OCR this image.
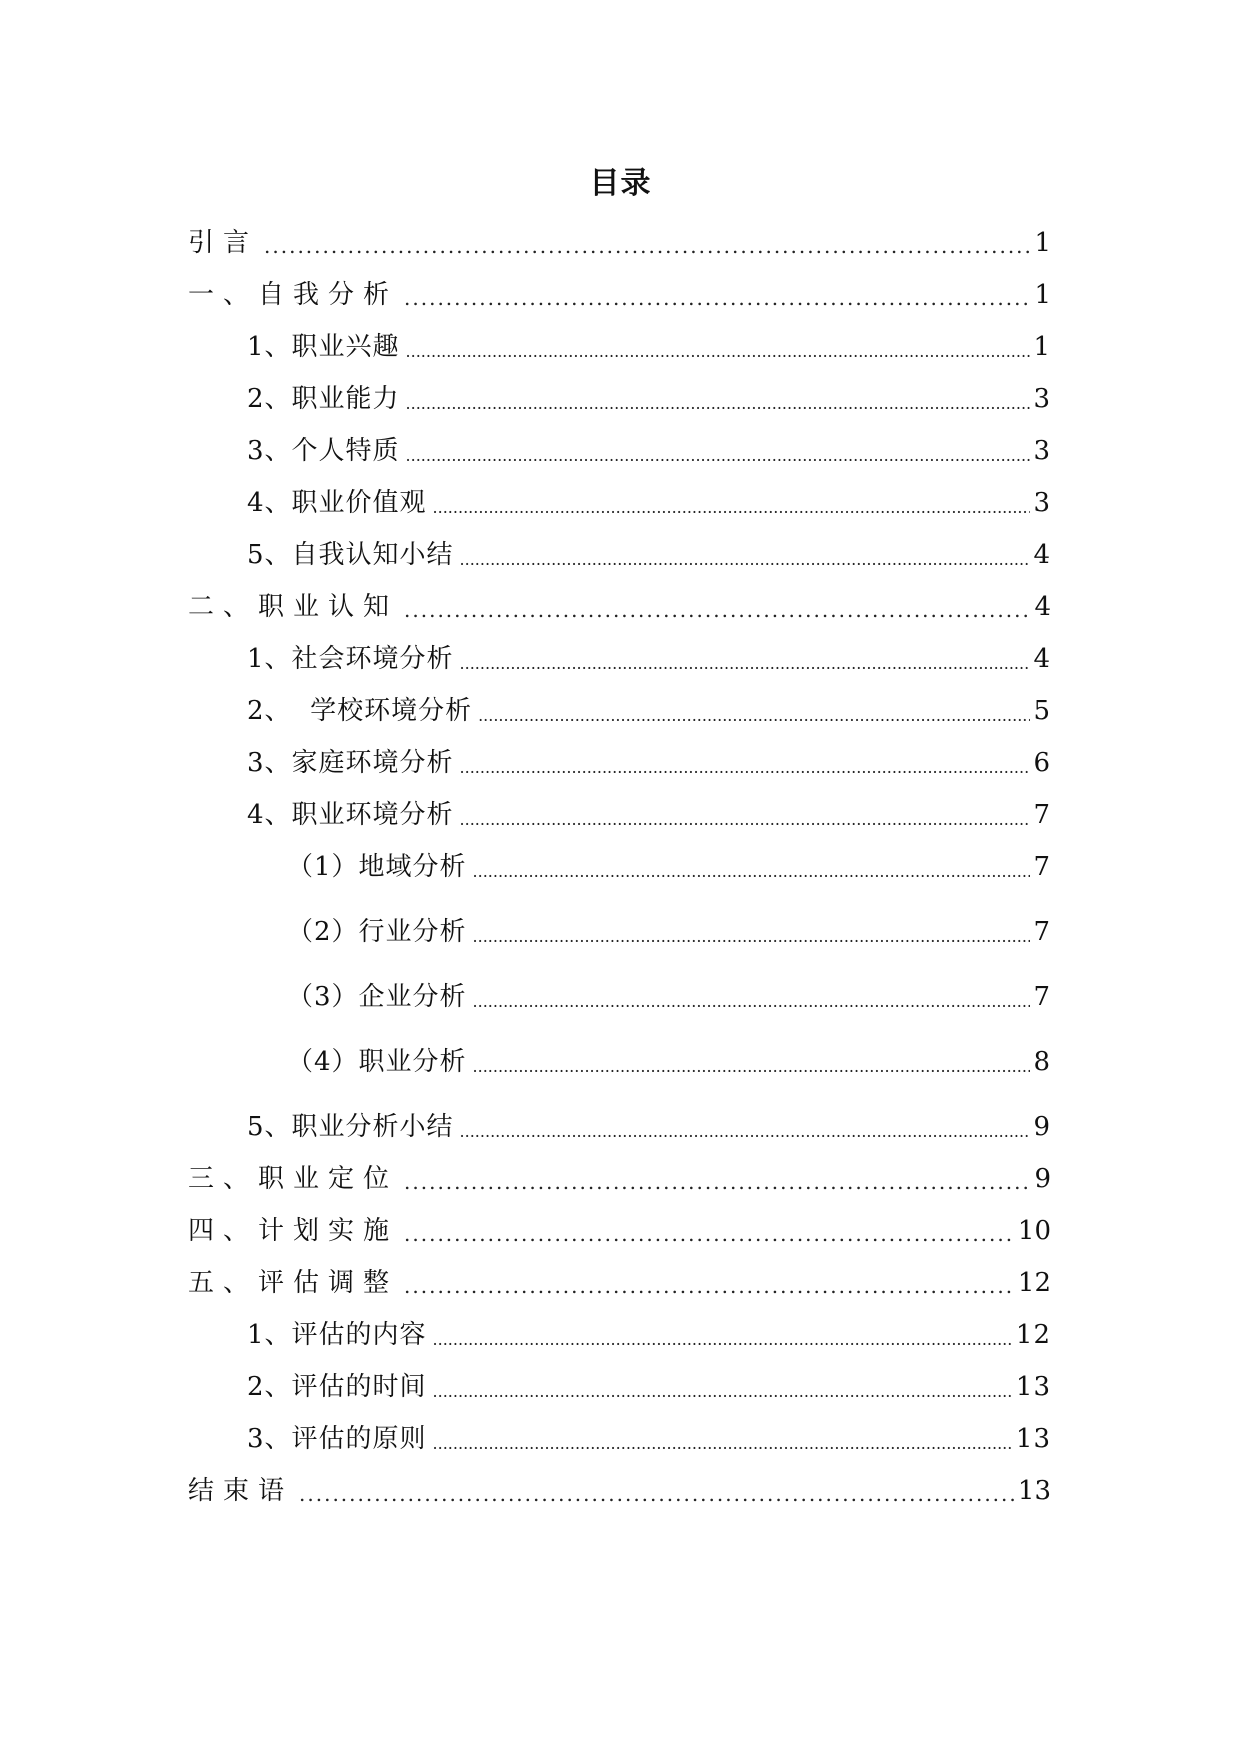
目录
引言 .....	1
一、自我分析 .....	1
1、职业兴趣 .....	1
2、职业能力 .....	3
3、个人特质 .....	3
4、职业价值观 .....	3
5、自我认知小结 .....	4
二、职业认知 .....	4
1、社会环境分析 .....	4
2、  学校环境分析 .....	5
3、家庭环境分析 .....	6
4、职业环境分析 .....	7
（1）地域分析 .....	7
（2）行业分析 .....	7
（3）企业分析 .....	7
（4）职业分析 .....	8
5、职业分析小结 .....	9
三、职业定位 .....	9
四、计划实施 .....	10
五、评估调整 .....	12
1、评估的内容 .....	12
2、评估的时间 .....	13
3、评估的原则 .....	13
结束语 .....	13
